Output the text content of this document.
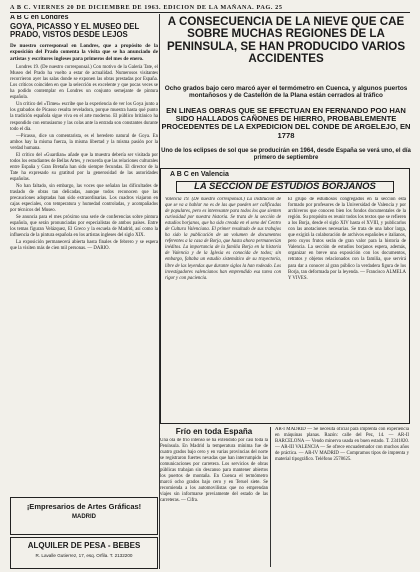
A B C. VIERNES 20 DE DICIEMBRE DE 1963. EDICION DE LA MAÑANA. PAG. 25
A B C en Londres
GOYA, PICASSO Y EL MUSEO DEL PRADO, VISTOS DESDE LEJOS
De nuestro corresponsal en Londres, que a propósito de la exposición del Prado comenta la visita que se ha anunciado de artistas y escritores ingleses para primeros del mes de enero.

Londres 19. (De nuestro corresponsal.) Con motivo de la Galería Tate, el Museo del Prado ha vuelto a estar de actualidad. Numerosos visitantes recorrieron ayer las salas donde se exponen las obras prestadas por España. Los críticos coinciden en que la selección es excelente y que pocas veces se ha podido contemplar en Londres un conjunto semejante de pintura española.

Un crítico del «Times» escribe que la experiencia de ver los Goya junto a los grabados de Picasso resulta reveladora, porque muestra hasta qué punto la tradición española sigue viva en el arte moderno. El público británico ha respondido con entusiasmo y las colas ante la entrada son constantes durante todo el día.

—Picasso, dice un comentarista, es el heredero natural de Goya. En ambos hay la misma fuerza, la misma libertad y la misma pasión por la verdad humana.

El crítico del «Guardian» añade que la muestra debería ser visitada por todos los estudiantes de Bellas Artes, y recuerda que las relaciones culturales entre España y Gran Bretaña han sido siempre fecundas. El director de la Tate ha expresado su gratitud por la generosidad de las autoridades españolas.

No han faltado, sin embargo, las voces que señalan las dificultades de traslado de obras tan delicadas, aunque todos reconocen que las precauciones adoptadas han sido extraordinarias. Los cuadros viajaron en cajas especiales, con temperatura y humedad controladas, y acompañados por técnicos del Museo.

Se anuncia para el mes próximo una serie de conferencias sobre pintura española, que serán pronunciadas por especialistas de ambos países. Entre los temas figuran Velázquez, El Greco y la escuela de Madrid, así como la influencia de la pintura española en los artistas ingleses del siglo XIX.

La exposición permanecerá abierta hasta finales de febrero y se espera que la visiten más de cien mil personas. — DARIO.

¡Empresarios de Artes Gráficas!
MADRID
ALQUILER DE PESA - BEBES
R. Lavalle Gutierrez, 17, esq. Orfila. T. 2132200
A CONSECUENCIA DE LA NIEVE QUE CAE SOBRE MUCHAS REGIONES DE LA PENINSULA, SE HAN PRODUCIDO VARIOS ACCIDENTES
Ocho grados bajo cero marcó ayer el termómetro en Cuenca, y algunos puertos montañosos y de Castellón de la Plana están cerrados al tráfico
EN LINEAS OBRAS QUE SE EFECTUAN EN FERNANDO POO HAN SIDO HALLADOS CAÑONES DE HIERRO, PROBABLEMENTE PROCEDENTES DE LA EXPEDICION DEL CONDE DE ARGELEJO, EN 1778
Uno de los eclipses de sol que se producirán en 1964, desde España se verá uno, el día primero de septiembre
A B C en Valencia
LA SECCION DE ESTUDIOS BORJANOS
Valencia 19. (De nuestro corresponsal.) La institución de que se va a hablar no es de las que pueden ser calificadas de populares, pero es interesante para todos los que sienten curiosidad por nuestra historia. Se trata de la sección de estudios borjanos, que ha sido creada en el seno del Centro de Cultura Valenciana. El primer resultado de sus trabajos ha sido la publicación de un volumen de documentos referentes a la casa de Borja, que hasta ahora permanecían inéditos. La importancia de la familia Borja en la historia de Valencia y de la Iglesia es conocida de todos; sin embargo, faltaba un estudio sistemático de su trayectoria, libre de las leyendas que durante siglos la han rodeado. Los investigadores valencianos han emprendido esa tarea con rigor y con paciencia.
El grupo de estudiosos congregados en la sección está formado por profesores de la Universidad de Valencia y por archiveros que conocen bien los fondos documentales de la región. Su propósito es reunir todos los textos que se refieren a los Borja, desde el siglo XIV hasta el XVIII, y publicarlos con las anotaciones necesarias. Se trata de una labor larga, que exigirá la colaboración de archivos españoles e italianos, pero cuyos frutos serán de gran valor para la historia de Valencia. La sección de estudios borjanos espera, además, organizar en breve una exposición con los documentos, retratos y objetos relacionados con la familia, que servirá para dar a conocer al gran público la verdadera figura de los Borja, tan deformada por la leyenda. — Francisco ALMELA Y VIVES.
Frío en toda España
Una ola de frío intenso se ha extendido por casi toda la Península. En Madrid la temperatura mínima fue de cuatro grados bajo cero y en varias provincias del norte se registraron fuertes nevadas que han interrumpido las comunicaciones por carretera. Los servicios de obras públicas trabajan sin descanso para mantener abiertos los puertos de montaña. En Cuenca el termómetro marcó ocho grados bajo cero y en Teruel siete. Se recomienda a los automovilistas que no emprendan viajes sin informarse previamente del estado de las carreteras. — Cifra.
AR-I MADRID — Se necesita oficial para imprenta con experiencia en máquinas planas. Razón: calle del Pez, 14. — AR-II BARCELONA — Vendo minerva usada en buen estado. T. 2341820. — AR-III VALENCIA — Se ofrece encuadernador con muchos años de práctica. — AR-IV MADRID — Compramos tipos de imprenta y material tipográfico. Teléfono 2578625.
